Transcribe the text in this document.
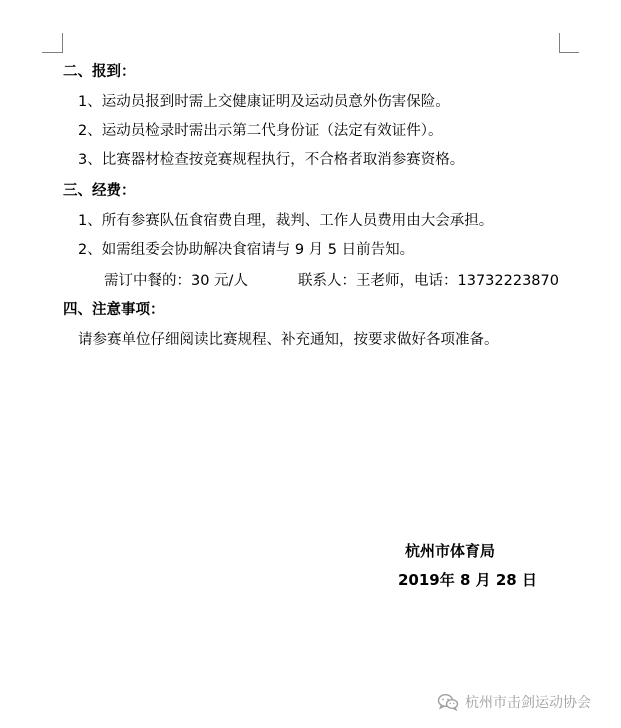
二、报到：
1、运动员报到时需上交健康证明及运动员意外伤害保险。
2、运动员检录时需出示第二代身份证（法定有效证件）。
3、比赛器材检查按竞赛规程执行，不合格者取消参赛资格。
三、经费：
1、所有参赛队伍食宿费自理，裁判、工作人员费用由大会承担。
2、如需组委会协助解决食宿请与 9 月 5 日前告知。
需订中餐的：30 元/人	联系人：王老师，电话：13732223870
四、注意事项：
请参赛单位仔细阅读比赛规程、补充通知，按要求做好各项准备。
杭州市体育局
2019年 8 月 28 日
杭州市击剑运动协会
